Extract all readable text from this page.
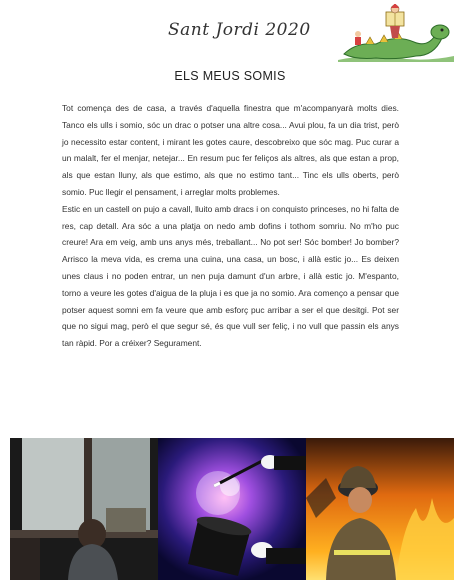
Sant Jordi 2020
ELS MEUS SOMIS

Tot comença des de casa, a través d'aquella finestra que m'acompanyarà molts dies. Tanco els ulls i somio, sóc un drac o potser una altre cosa... Avui plou, fa un dia trist, però jo necessito estar content, i mirant les gotes caure, descobreixo que sóc mag. Puc curar a un malalt, fer el menjar, netejar... En resum puc fer feliços als altres, als que estan a prop, als que estan lluny, als que estimo, als que no estimo tant... Tinc els ulls oberts, però somio. Puc llegir el pensament, i arreglar molts problemes.

Estic en un castell on pujo a cavall, lluito amb dracs i on conquisto princeses, no hi falta de res, cap detall. Ara sóc a una platja on nedo amb dofins i tothom somriu. No m'ho puc creure! Ara em veig, amb uns anys més, treballant... No pot ser! Sóc bomber! Jo bomber? Arrisco la meva vida, es crema una cuina, una casa, un bosc, i allà estic jo... Es deixen unes claus i no poden entrar, un nen puja damunt d'un arbre, i allà estic jo. M'espanto, torno a veure les gotes d'aigua de la pluja i es que ja no somio. Ara començo a pensar que potser aquest somni em fa veure que amb esforç puc arribar a ser el que desitgi. Pot ser que no sigui mag, però el que segur sé, és que vull ser feliç, i no vull que passin els anys tan ràpid. Por a créixer? Segurament.
